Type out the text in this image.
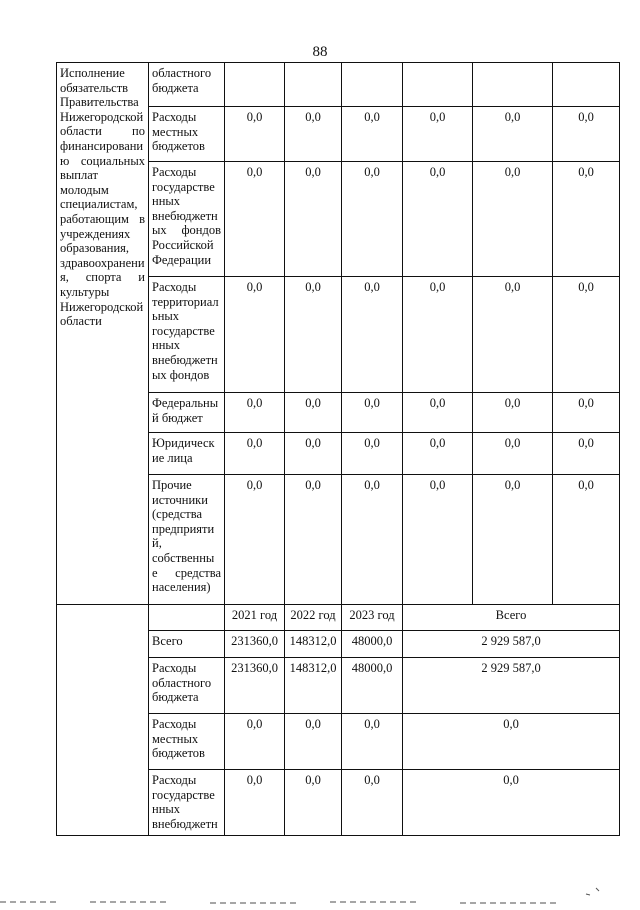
88
Исполнение обязательств Правительства Нижегородской области по финансировани ю социальных выплат молодым специалистам, работающим в учреждениях образования, здравоохранени я, спорта и культуры Нижегородской области	областного бюджета						
	Расходы местных бюджетов	0,0	0,0	0,0	0,0	0,0	0,0
	Расходы государстве нных внебюджетн ых фондов Российской Федерации	0,0	0,0	0,0	0,0	0,0	0,0
	Расходы территориал ьных государстве нных внебюджетн ых фондов	0,0	0,0	0,0	0,0	0,0	0,0
	Федеральны й бюджет	0,0	0,0	0,0	0,0	0,0	0,0
	Юридическ ие лица	0,0	0,0	0,0	0,0	0,0	0,0
	Прочие источники (средства предприяти й, собственны е средства населения)	0,0	0,0	0,0	0,0	0,0	0,0
		2021 год	2022 год	2023 год	Всего		
	Всего	231360,0	148312,0	48000,0	2 929 587,0		
	Расходы областного бюджета	231360,0	148312,0	48000,0	2 929 587,0		
	Расходы местных бюджетов	0,0	0,0	0,0	0,0		
	Расходы государстве нных внебюджетн	0,0	0,0	0,0	0,0		
